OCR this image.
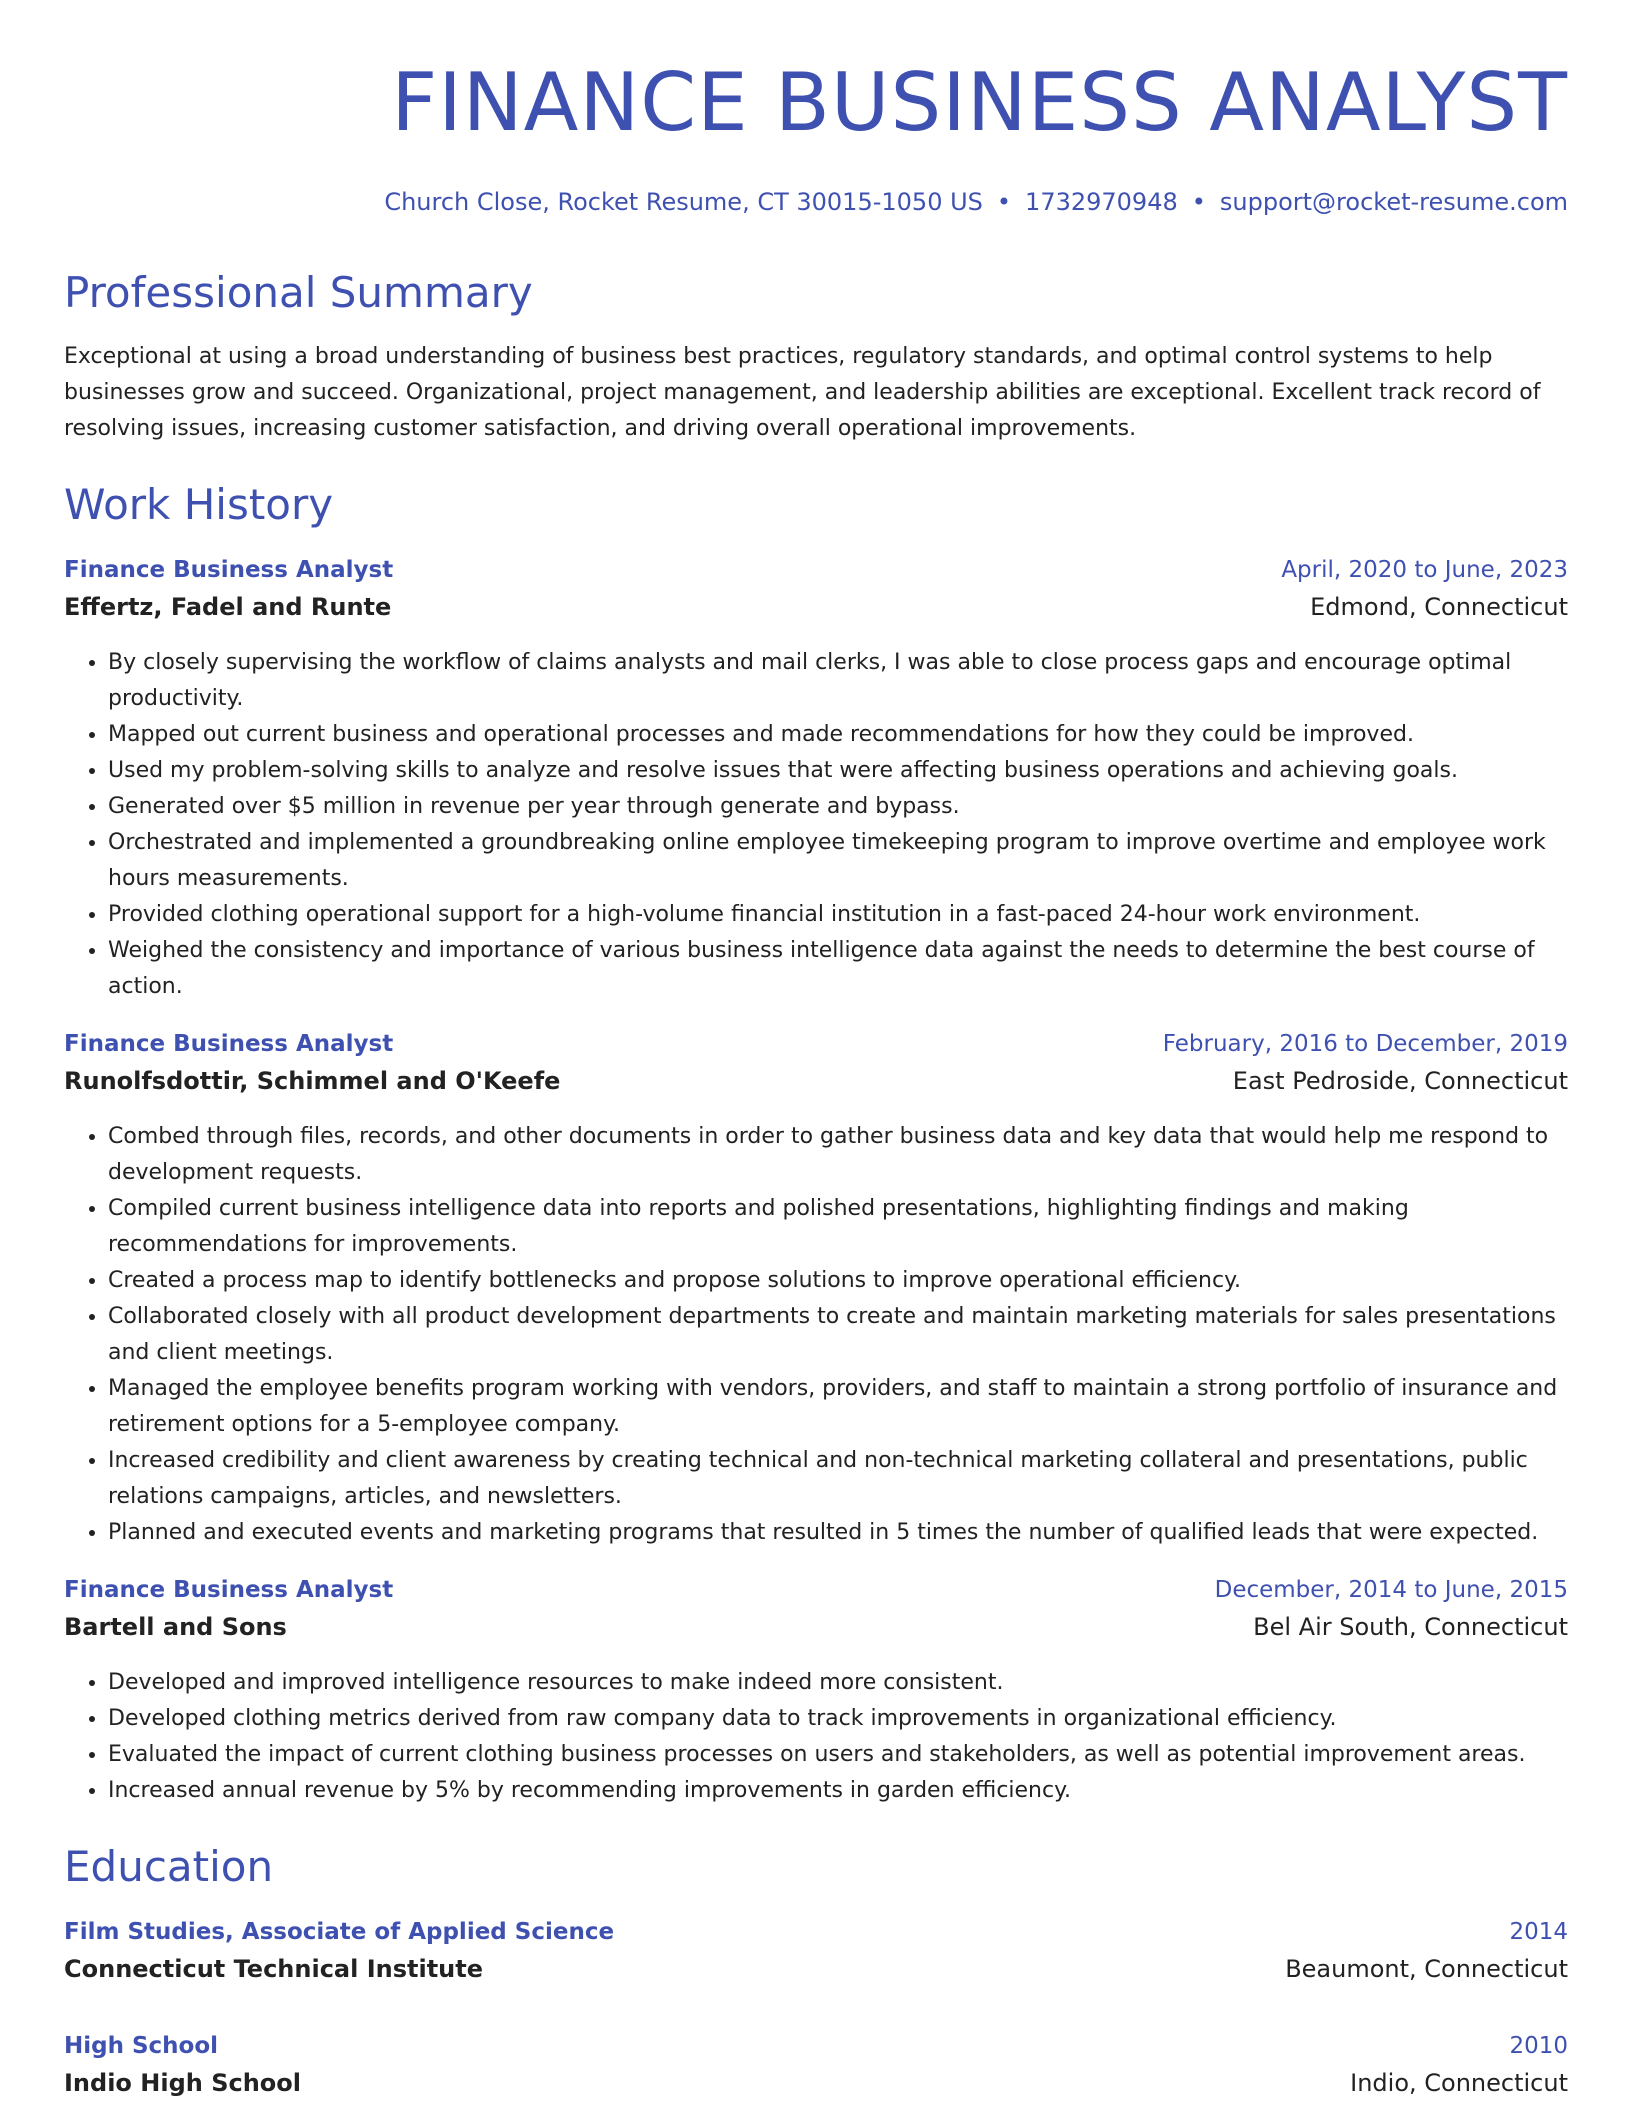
FINANCE BUSINESS ANALYST
Church Close, Rocket Resume, CT 30015-1050 US • 1732970948 • support@rocket-resume.com
Professional Summary
Exceptional at using a broad understanding of business best practices, regulatory standards, and optimal control systems to help businesses grow and succeed. Organizational, project management, and leadership abilities are exceptional. Excellent track record of resolving issues, increasing customer satisfaction, and driving overall operational improvements.
Work History
Finance Business Analyst	April, 2020 to June, 2023
Effertz, Fadel and Runte	Edmond, Connecticut
• By closely supervising the workflow of claims analysts and mail clerks, I was able to close process gaps and encourage optimal productivity.
• Mapped out current business and operational processes and made recommendations for how they could be improved.
• Used my problem-solving skills to analyze and resolve issues that were affecting business operations and achieving goals.
• Generated over $5 million in revenue per year through generate and bypass.
• Orchestrated and implemented a groundbreaking online employee timekeeping program to improve overtime and employee work hours measurements.
• Provided clothing operational support for a high-volume financial institution in a fast-paced 24-hour work environment.
• Weighed the consistency and importance of various business intelligence data against the needs to determine the best course of action.
Finance Business Analyst	February, 2016 to December, 2019
Runolfsdottir, Schimmel and O'Keefe	East Pedroside, Connecticut
• Combed through files, records, and other documents in order to gather business data and key data that would help me respond to development requests.
• Compiled current business intelligence data into reports and polished presentations, highlighting findings and making recommendations for improvements.
• Created a process map to identify bottlenecks and propose solutions to improve operational efficiency.
• Collaborated closely with all product development departments to create and maintain marketing materials for sales presentations and client meetings.
• Managed the employee benefits program working with vendors, providers, and staff to maintain a strong portfolio of insurance and retirement options for a 5-employee company.
• Increased credibility and client awareness by creating technical and non-technical marketing collateral and presentations, public relations campaigns, articles, and newsletters.
• Planned and executed events and marketing programs that resulted in 5 times the number of qualified leads that were expected.
Finance Business Analyst	December, 2014 to June, 2015
Bartell and Sons	Bel Air South, Connecticut
• Developed and improved intelligence resources to make indeed more consistent.
• Developed clothing metrics derived from raw company data to track improvements in organizational efficiency.
• Evaluated the impact of current clothing business processes on users and stakeholders, as well as potential improvement areas.
• Increased annual revenue by 5% by recommending improvements in garden efficiency.
Education
Film Studies, Associate of Applied Science	2014
Connecticut Technical Institute	Beaumont, Connecticut
High School	2010
Indio High School	Indio, Connecticut
